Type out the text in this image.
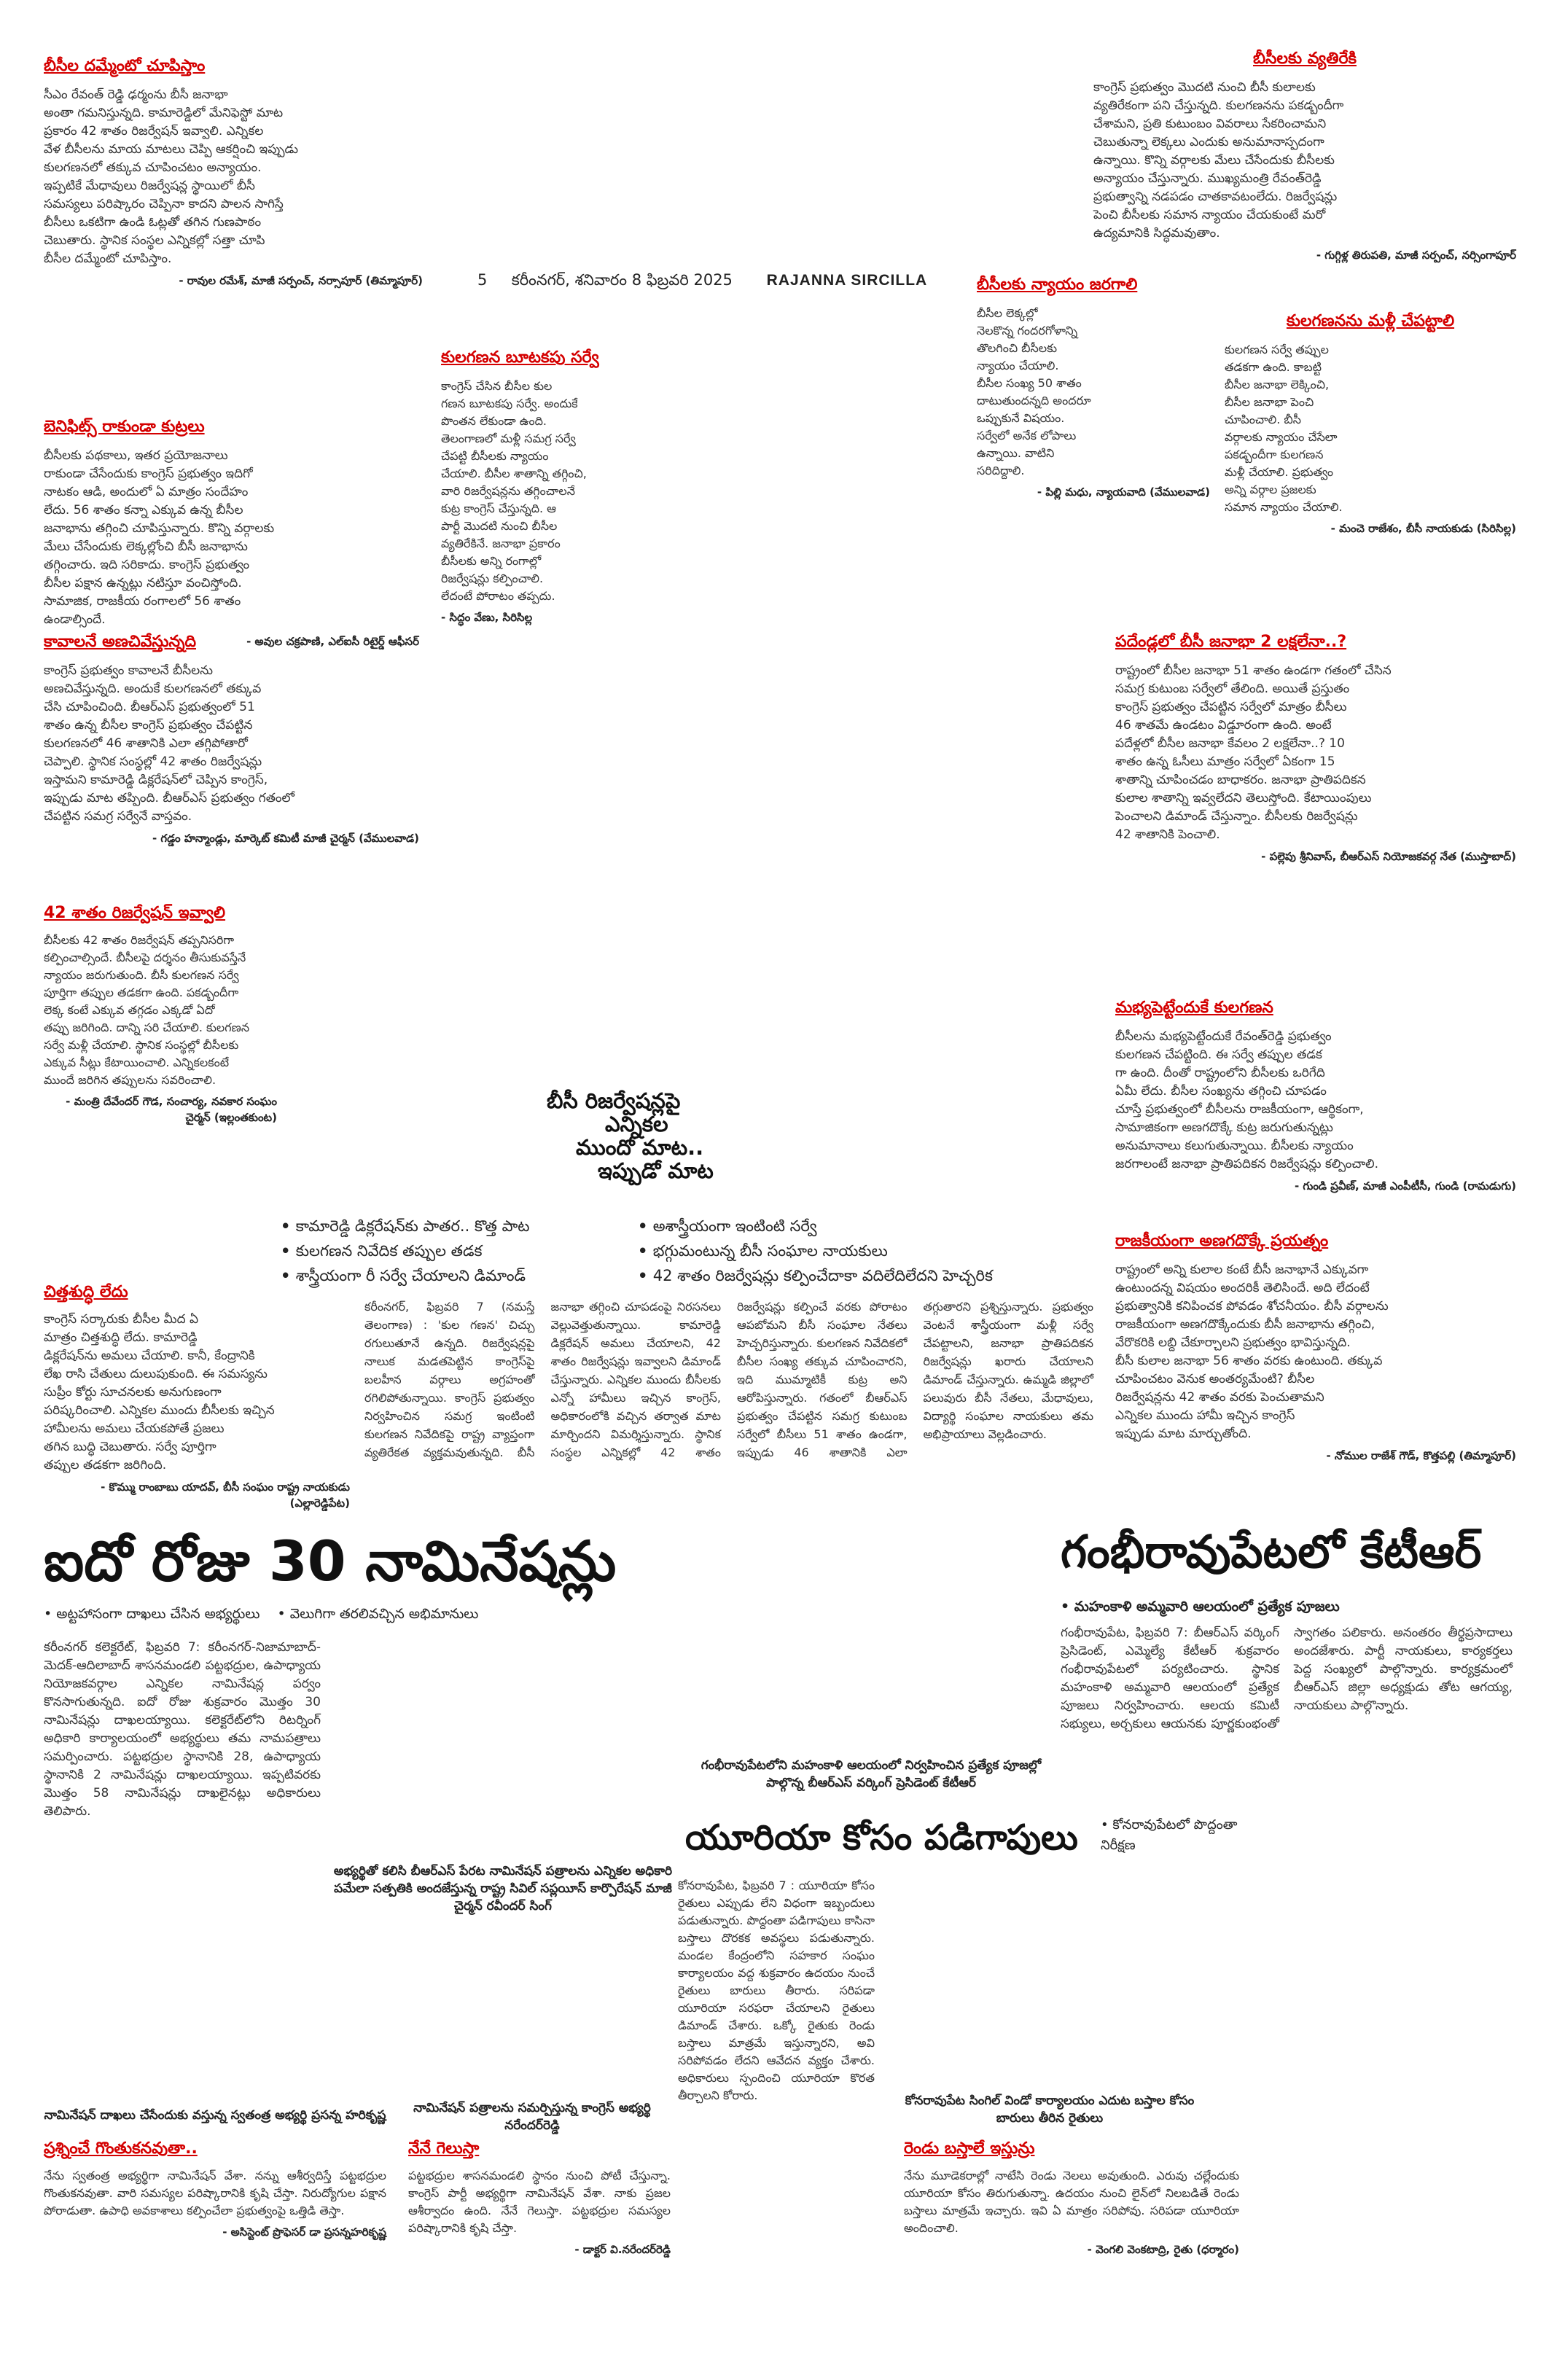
5 కరీంనగర్, శనివారం 8 ఫిబ్రవరి 2025 RAJANNA SIRCILLA
బీసీల దమ్మేంటో చూపిస్తాం
సీఎం రేవంత్ రెడ్డి ఢర్మంను బీసీ జనాభా
అంతా గమనిస్తున్నది. కామారెడ్డిలో మేనిఫెస్టో మాట
ప్రకారం 42 శాతం రిజర్వేషన్ ఇవ్వాలి. ఎన్నికల
వేళ బీసీలను మాయ మాటలు చెప్పి ఆకర్షించి ఇప్పుడు
కులగణనలో తక్కువ చూపించటం అన్యాయం.
ఇప్పటికే మేధావులు రిజర్వేషన్ల స్థాయిలో బీసీ
సమస్యలు పరిష్కారం చెప్పినా కాదని పాలన సాగిస్తే
బీసీలు ఒకటిగా ఉండి ఓట్లతో తగిన గుణపాఠం
చెబుతారు. స్థానిక సంస్థల ఎన్నికల్లో సత్తా చూపి
బీసీల దమ్మేంటో చూపిస్తాం.
- రావుల రమేశ్, మాజీ సర్పంచ్, నర్సాపూర్ (తిమ్మాపూర్)
బెనిఫిట్స్ రాకుండా కుట్రలు
బీసీలకు పథకాలు, ఇతర ప్రయోజనాలు
రాకుండా చేసేందుకు కాంగ్రెస్ ప్రభుత్వం ఇదిగో
నాటకం ఆడి, అందులో ఏ మాత్రం సందేహం
లేదు. 56 శాతం కన్నా ఎక్కువ ఉన్న బీసీల
జనాభాను తగ్గించి చూపిస్తున్నారు. కొన్ని వర్గాలకు
మేలు చేసేందుకు లెక్కల్లోంచి బీసీ జనాభాను
తగ్గించారు. ఇది సరికాదు. కాంగ్రెస్ ప్రభుత్వం
బీసీల పక్షాన ఉన్నట్లు నటిస్తూ వంచిస్తోంది.
సామాజిక, రాజకీయ రంగాలలో 56 శాతం
ఉండాల్సిందే.
- అవుల చక్రపాణి, ఎల్ఐసీ రిటైర్డ్ ఆఫీసర్
కావాలనే అణచివేస్తున్నది
కాంగ్రెస్ ప్రభుత్వం కావాలనే బీసీలను
అణచివేస్తున్నది. అందుకే కులగణనలో తక్కువ
చేసి చూపించింది. బీఆర్ఎస్ ప్రభుత్వంలో 51
శాతం ఉన్న బీసీల కాంగ్రెస్ ప్రభుత్వం చేపట్టిన
కులగణనలో 46 శాతానికి ఎలా తగ్గిపోతారో
చెప్పాలి. స్థానిక సంస్థల్లో 42 శాతం రిజర్వేషన్లు
ఇస్తామని కామారెడ్డి డిక్లరేషన్‌లో చెప్పిన కాంగ్రెస్,
ఇప్పుడు మాట తప్పింది. బీఆర్ఎస్ ప్రభుత్వం గతంలో
చేపట్టిన సమగ్ర సర్వేనే వాస్తవం.
- గడ్డం హన్మాండ్లు, మార్కెట్ కమిటీ మాజీ చైర్మన్ (వేములవాడ)
42 శాతం రిజర్వేషన్ ఇవ్వాలి
బీసీలకు 42 శాతం రిజర్వేషన్ తప్పనిసరిగా
కల్పించాల్సిందే. బీసీలపై దర్శనం తీసుకువస్తేనే
న్యాయం జరుగుతుంది. బీసీ కులగణన సర్వే
పూర్తిగా తప్పుల తడకగా ఉంది. పకడ్బందీగా
లెక్క కంటే ఎక్కువ తగ్గడం ఎక్కడో ఏదో
తప్పు జరిగింది. దాన్ని సరి చేయాలి. కులగణన
సర్వే మళ్లీ చేయాలి. స్థానిక సంస్థల్లో బీసీలకు
ఎక్కువ సీట్లు కేటాయించాలి. ఎన్నికలకంటే
ముందే జరిగిన తప్పులను సవరించాలి.
- మంత్రి దేవేందర్ గౌడ, సంచార్య, నవకార సంఘం చైర్మన్ (ఇల్లంతకుంట)
చిత్తశుద్ధి లేదు
కాంగ్రెస్ సర్కారుకు బీసీల మీద ఏ
మాత్రం చిత్తశుద్ధి లేదు. కామారెడ్డి
డిక్లరేషన్‌ను అమలు చేయాలి. కానీ, కేంద్రానికి
లేఖ రాసి చేతులు దులుపుకుంది. ఈ సమస్యను
సుప్రీం కోర్టు సూచనలకు అనుగుణంగా
పరిష్కరించాలి. ఎన్నికల ముందు బీసీలకు ఇచ్చిన
హామీలను అమలు చేయకపోతే ప్రజలు
తగిన బుద్ధి చెబుతారు. సర్వే పూర్తిగా
తప్పుల తడకగా జరిగింది.
- కొమ్ము రాంబాబు యాదవ్, బీసీ సంఘం రాష్ట్ర నాయకుడు (ఎల్లారెడ్డిపేట)
కులగణన బూటకపు సర్వే
కాంగ్రెస్ చేసిన బీసీల కుల
గణన బూటకపు సర్వే. అందుకే
పొంతన లేకుండా ఉంది.
తెలంగాణలో మళ్లీ సమగ్ర సర్వే
చేపట్టి బీసీలకు న్యాయం
చేయాలి. బీసీల శాతాన్ని తగ్గించి,
వారి రిజర్వేషన్లను తగ్గించాలనే
కుట్ర కాంగ్రెస్ చేస్తున్నది. ఆ
పార్టీ మొదటి నుంచి బీసీల
వ్యతిరేకినే. జనాభా ప్రకారం
బీసీలకు అన్ని రంగాల్లో
రిజర్వేషన్లు కల్పించాలి.
లేదంటే పోరాటం తప్పదు.
- సిద్ధం వేణు, సిరిసిల్ల
బీసీలకు వ్యతిరేకి
కాంగ్రెస్ ప్రభుత్వం మొదటి నుంచి బీసీ కులాలకు
వ్యతిరేకంగా పని చేస్తున్నది. కులగణనను పకడ్బందీగా
చేశామని, ప్రతి కుటుంబం వివరాలు సేకరించామని
చెబుతున్నా లెక్కలు ఎందుకు అనుమానాస్పదంగా
ఉన్నాయి. కొన్ని వర్గాలకు మేలు చేసేందుకు బీసీలకు
అన్యాయం చేస్తున్నారు. ముఖ్యమంత్రి రేవంత్‌రెడ్డి
ప్రభుత్వాన్ని నడపడం చాతకావటంలేదు. రిజర్వేషన్లు
పెంచి బీసీలకు సమాన న్యాయం చేయకుంటే మరో
ఉద్యమానికి సిద్ధమవుతాం.
- గుగ్గిళ్ల తిరుపతి, మాజీ సర్పంచ్, నర్సింగాపూర్
బీసీలకు న్యాయం జరగాలి
బీసీల లెక్కల్లో
నెలకొన్న గందరగోళాన్ని
తొలగించి బీసీలకు
న్యాయం చేయాలి.
బీసీల సంఖ్య 50 శాతం
దాటుతుందన్నది అందరూ
ఒప్పుకునే విషయం.
సర్వేలో అనేక లోపాలు
ఉన్నాయి. వాటిని
సరిదిద్దాలి.
- పిల్లి మధు, న్యాయవాది (వేములవాడ)
కులగణనను మళ్లీ చేపట్టాలి
కులగణన సర్వే తప్పుల
తడకగా ఉంది. కాబట్టి
బీసీల జనాభా లెక్కించి,
బీసీల జనాభా పెంచి
చూపించాలి. బీసీ
వర్గాలకు న్యాయం చేసేలా
పకడ్బందీగా కులగణన
మళ్లీ చేయాలి. ప్రభుత్వం
అన్ని వర్గాల ప్రజలకు
సమాన న్యాయం చేయాలి.
- మంచె రాజేశం, బీసీ నాయకుడు (సిరిసిల్ల)
పదేండ్లలో బీసీ జనాభా 2 లక్షలేనా..?
రాష్ట్రంలో బీసీల జనాభా 51 శాతం ఉండగా గతంలో చేసిన
సమగ్ర కుటుంబ సర్వేలో తేలింది. అయితే ప్రస్తుతం
కాంగ్రెస్ ప్రభుత్వం చేపట్టిన సర్వేలో మాత్రం బీసీలు
46 శాతమే ఉండటం విడ్డూరంగా ఉంది. అంటే
పదేళ్లలో బీసీల జనాభా కేవలం 2 లక్షలేనా..? 10
శాతం ఉన్న ఓసీలు మాత్రం సర్వేలో ఏకంగా 15
శాతాన్ని చూపించడం బాధాకరం. జనాభా ప్రాతిపదికన
కులాల శాతాన్ని ఇవ్వలేదని తెలుస్తోంది. కేటాయింపులు
పెంచాలని డిమాండ్ చేస్తున్నాం. బీసీలకు రిజర్వేషన్లు
42 శాతానికి పెంచాలి.
- పల్లెపు శ్రీనివాస్, బీఆర్ఎస్ నియోజకవర్గ నేత (ముస్తాబాద్)
మభ్యపెట్టేందుకే కులగణన
బీసీలను మభ్యపెట్టేందుకే రేవంత్‌రెడ్డి ప్రభుత్వం
కులగణన చేపట్టింది. ఈ సర్వే తప్పుల తడక
గా ఉంది. దీంతో రాష్ట్రంలోని బీసీలకు ఒరిగేది
ఏమీ లేదు. బీసీల సంఖ్యను తగ్గించి చూపడం
చూస్తే ప్రభుత్వంలో బీసీలను రాజకీయంగా, ఆర్థికంగా,
సామాజికంగా అణగదొక్కే కుట్ర జరుగుతున్నట్లు
అనుమానాలు కలుగుతున్నాయి. బీసీలకు న్యాయం
జరగాలంటే జనాభా ప్రాతిపదికన రిజర్వేషన్లు కల్పించాలి.
- గుండి ప్రవీణ్, మాజీ ఎంపీటీసీ, గుండి (రామడుగు)
రాజకీయంగా అణగదొక్కే ప్రయత్నం
రాష్ట్రంలో అన్ని కులాల కంటే బీసీ జనాభానే ఎక్కువగా
ఉంటుందన్న విషయం అందరికీ తెలిసిందే. అది లేదంటే
ప్రభుత్వానికి కనిపించక పోవడం శోచనీయం. బీసీ వర్గాలను
రాజకీయంగా అణగదొక్కేందుకు బీసీ జనాభాను తగ్గించి,
వేరొకరికి లబ్ది చేకూర్చాలని ప్రభుత్వం భావిస్తున్నది.
బీసీ కులాల జనాభా 56 శాతం వరకు ఉంటుంది. తక్కువ
చూపించటం వెనుక అంతర్యమేంటి? బీసీల
రిజర్వేషన్లను 42 శాతం వరకు పెంచుతామని
ఎన్నికల ముందు హామీ ఇచ్చిన కాంగ్రెస్
ఇప్పుడు మాట మార్చుతోంది.
- నోముల రాజేశ్ గౌడ్, కొత్తపల్లి (తిమ్మాపూర్)
బీసీ రిజర్వేషన్లపై
ఎన్నికల
ముందో మాట..
ఇప్పుడో మాట
• కామారెడ్డి డిక్లరేషన్‌కు పాతర.. కొత్త పాట	• అశాస్త్రీయంగా ఇంటింటి సర్వే
• కులగణన నివేదిక తప్పుల తడక	• భగ్గుమంటున్న బీసీ సంఘాల నాయకులు
• శాస్త్రీయంగా రీ సర్వే చేయాలని డిమాండ్	• 42 శాతం రిజర్వేషన్లు కల్పించేదాకా వదిలేదిలేదని హెచ్చరిక
కరీంనగర్, ఫిబ్రవరి 7 (నమస్తే తెలంగాణ) : 'కుల గణన' చిచ్చు రగులుతూనే ఉన్నది. రిజర్వేషన్లపై నాలుక మడతపెట్టిన కాంగ్రెస్‌పై బలహీన వర్గాలు అగ్రహంతో రగిలిపోతున్నాయి. కాంగ్రెస్ ప్రభుత్వం నిర్వహించిన సమగ్ర ఇంటింటి కులగణన నివేదికపై రాష్ట్ర వ్యాప్తంగా వ్యతిరేకత వ్యక్తమవుతున్నది. బీసీ జనాభా తగ్గించి చూపడంపై నిరసనలు వెల్లువెత్తుతున్నాయి. కామారెడ్డి డిక్లరేషన్ అమలు చేయాలని, 42 శాతం రిజర్వేషన్లు ఇవ్వాలని డిమాండ్ చేస్తున్నారు. ఎన్నికల ముందు బీసీలకు ఎన్నో హామీలు ఇచ్చిన కాంగ్రెస్, అధికారంలోకి వచ్చిన తర్వాత మాట మార్చిందని విమర్శిస్తున్నారు. స్థానిక సంస్థల ఎన్నికల్లో 42 శాతం రిజర్వేషన్లు కల్పించే వరకు పోరాటం ఆపబోమని బీసీ సంఘాల నేతలు హెచ్చరిస్తున్నారు. కులగణన నివేదికలో బీసీల సంఖ్య తక్కువ చూపించారని, ఇది ముమ్మాటికీ కుట్ర అని ఆరోపిస్తున్నారు. గతంలో బీఆర్ఎస్ ప్రభుత్వం చేపట్టిన సమగ్ర కుటుంబ సర్వేలో బీసీలు 51 శాతం ఉండగా, ఇప్పుడు 46 శాతానికి ఎలా తగ్గుతారని ప్రశ్నిస్తున్నారు. ప్రభుత్వం వెంటనే శాస్త్రీయంగా మళ్లీ సర్వే చేపట్టాలని, జనాభా ప్రాతిపదికన రిజర్వేషన్లు ఖరారు చేయాలని డిమాండ్ చేస్తున్నారు. ఉమ్మడి జిల్లాలో పలువురు బీసీ నేతలు, మేధావులు, విద్యార్థి సంఘాల నాయకులు తమ అభిప్రాయాలు వెల్లడించారు.
ఐదో రోజు 30 నామినేషన్లు
• అట్టహాసంగా దాఖలు చేసిన అభ్యర్థులు	• వెలుగిగా తరలివచ్చిన అభిమానులు
కరీంనగర్ కలెక్టరేట్, ఫిబ్రవరి 7: కరీంనగర్-నిజామాబాద్-మెదక్-ఆదిలాబాద్ శాసనమండలి పట్టభద్రుల, ఉపాధ్యాయ నియోజకవర్గాల ఎన్నికల నామినేషన్ల పర్వం కొనసాగుతున్నది. ఐదో రోజు శుక్రవారం మొత్తం 30 నామినేషన్లు దాఖలయ్యాయి. కలెక్టరేట్‌లోని రిటర్నింగ్ అధికారి కార్యాలయంలో అభ్యర్థులు తమ నామపత్రాలు సమర్పించారు. పట్టభద్రుల స్థానానికి 28, ఉపాధ్యాయ స్థానానికి 2 నామినేషన్లు దాఖలయ్యాయి. ఇప్పటివరకు మొత్తం 58 నామినేషన్లు దాఖలైనట్లు అధికారులు తెలిపారు.
అభ్యర్థితో కలిసి బీఆర్ఎస్ పేరట నామినేషన్ పత్రాలను ఎన్నికల అధికారి పమేలా సత్పతికి అందజేస్తున్న రాష్ట్ర సివిల్ సప్లయీస్ కార్పొరేషన్ మాజీ చైర్మన్ రవీందర్ సింగ్
నామినేషన్ దాఖలు చేసేందుకు వస్తున్న స్వతంత్ర అభ్యర్థి ప్రసన్న హరికృష్ణ
గంభీరావుపేటలో కేటీఆర్
• మహంకాళి అమ్మవారి ఆలయంలో ప్రత్యేక పూజలు
గంభీరావుపేట, ఫిబ్రవరి 7: బీఆర్ఎస్ వర్కింగ్ ప్రెసిడెంట్, ఎమ్మెల్యే కేటీఆర్ శుక్రవారం గంభీరావుపేటలో పర్యటించారు. స్థానిక మహంకాళి అమ్మవారి ఆలయంలో ప్రత్యేక పూజలు నిర్వహించారు. ఆలయ కమిటీ సభ్యులు, అర్చకులు ఆయనకు పూర్ణకుంభంతో స్వాగతం పలికారు. అనంతరం తీర్థప్రసాదాలు అందజేశారు. పార్టీ నాయకులు, కార్యకర్తలు పెద్ద సంఖ్యలో పాల్గొన్నారు. కార్యక్రమంలో బీఆర్ఎస్ జిల్లా అధ్యక్షుడు తోట ఆగయ్య, నాయకులు పాల్గొన్నారు.
గంభీరావుపేటలోని మహంకాళి ఆలయంలో నిర్వహించిన ప్రత్యేక పూజల్లో పాల్గొన్న బీఆర్ఎస్ వర్కింగ్ ప్రెసిడెంట్ కేటీఆర్
యూరియా కోసం పడిగాపులు	• కోనరావుపేటలో పొద్దంతా నిరీక్షణ
కోనరావుపేట, ఫిబ్రవరి 7 : యూరియా కోసం రైతులు ఎప్పుడు లేని విధంగా ఇబ్బందులు పడుతున్నారు. పొద్దంతా పడిగాపులు కాసినా బస్తాలు దొరకక అవస్థలు పడుతున్నారు. మండల కేంద్రంలోని సహకార సంఘం కార్యాలయం వద్ద శుక్రవారం ఉదయం నుంచే రైతులు బారులు తీరారు. సరిపడా యూరియా సరఫరా చేయాలని రైతులు డిమాండ్ చేశారు. ఒక్కో రైతుకు రెండు బస్తాలు మాత్రమే ఇస్తున్నారని, అవి సరిపోవడం లేదని ఆవేదన వ్యక్తం చేశారు. అధికారులు స్పందించి యూరియా కొరత తీర్చాలని కోరారు.	కోనరావుపేట సింగిల్ విండో కార్యాలయం ఎదుట బస్తాల కోసం బారులు తీరిన రైతులు
రెండు బస్తాలే ఇస్తున్రు
నేను మూడెకరాల్లో నాటేసి రెండు నెలలు అవుతుంది. ఎరువు చల్లేందుకు యూరియా కోసం తిరుగుతున్నా. ఉదయం నుంచి లైన్‌లో నిలబడితే రెండు బస్తాలు మాత్రమే ఇచ్చారు. ఇవి ఏ మాత్రం సరిపోవు. సరిపడా యూరియా అందించాలి.
- వెంగలి వెంకటాద్రి, రైతు (ధర్మారం)
ప్రశ్నించే గొంతుకనవుతా..
నేను స్వతంత్ర అభ్యర్థిగా నామినేషన్ వేశా. నన్ను ఆశీర్వదిస్తే పట్టభద్రుల గొంతుకనవుతా. వారి సమస్యల పరిష్కారానికి కృషి చేస్తా. నిరుద్యోగుల పక్షాన పోరాడుతా. ఉపాధి అవకాశాలు కల్పించేలా ప్రభుత్వంపై ఒత్తిడి తెస్తా.
- అసిస్టెంట్ ప్రొఫెసర్ డా ప్రసన్నహరికృష్ణ
నామినేషన్ పత్రాలను సమర్పిస్తున్న కాంగ్రెస్ అభ్యర్థి నరేందర్‌రెడ్డి
నేనే గెలుస్తా
పట్టభద్రుల శాసనమండలి స్థానం నుంచి పోటీ చేస్తున్నా. కాంగ్రెస్ పార్టీ అభ్యర్థిగా నామినేషన్ వేశా. నాకు ప్రజల ఆశీర్వాదం ఉంది. నేనే గెలుస్తా. పట్టభద్రుల సమస్యల పరిష్కారానికి కృషి చేస్తా.
- డాక్టర్ వి.నరేందర్‌రెడ్డి
